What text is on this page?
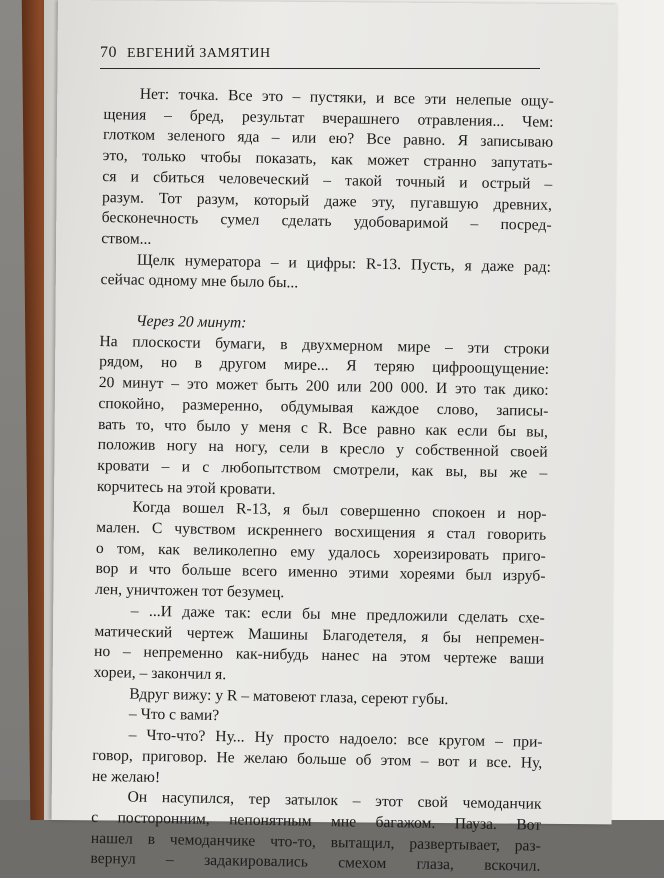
70 ЕВГЕНИЙ ЗАМЯТИН
Нет: точка. Все это – пустяки, и все эти нелепые ощу-
щения – бред, результат вчерашнего отравления... Чем:
глотком зеленого яда – или ею? Все равно. Я записываю
это, только чтобы показать, как может странно запутать-
ся и сбиться человеческий – такой точный и острый –
разум. Тот разум, который даже эту, пугавшую древних,
бесконечность сумел сделать удобоваримой – посред-
ством...
Щелк нумератора – и цифры: R-13. Пусть, я даже рад:
сейчас одному мне было бы...
Через 20 минут:
На плоскости бумаги, в двухмерном мире – эти строки
рядом, но в другом мире... Я теряю цифроощущение:
20 минут – это может быть 200 или 200 000. И это так дико:
спокойно, размеренно, обдумывая каждое слово, записы-
вать то, что было у меня с R. Все равно как если бы вы,
положив ногу на ногу, сели в кресло у собственной своей
кровати – и с любопытством смотрели, как вы, вы же –
корчитесь на этой кровати.
Когда вошел R-13, я был совершенно спокоен и нор-
мален. С чувством искреннего восхищения я стал говорить
о том, как великолепно ему удалось хореизировать приго-
вор и что больше всего именно этими хореями был изруб-
лен, уничтожен тот безумец.
– ...И даже так: если бы мне предложили сделать схе-
матический чертеж Машины Благодетеля, я бы непремен-
но – непременно как-нибудь нанес на этом чертеже ваши
хореи, – закончил я.
Вдруг вижу: у R – матовеют глаза, сереют губы.
– Что с вами?
– Что-что? Ну... Ну просто надоело: все кругом – при-
говор, приговор. Не желаю больше об этом – вот и все. Ну,
не желаю!
Он насупился, тер затылок – этот свой чемоданчик
с посторонним, непонятным мне багажом. Пауза. Вот
нашел в чемоданчике что-то, вытащил, развертывает, раз-
вернул – задакировались смехом глаза, вскочил.
